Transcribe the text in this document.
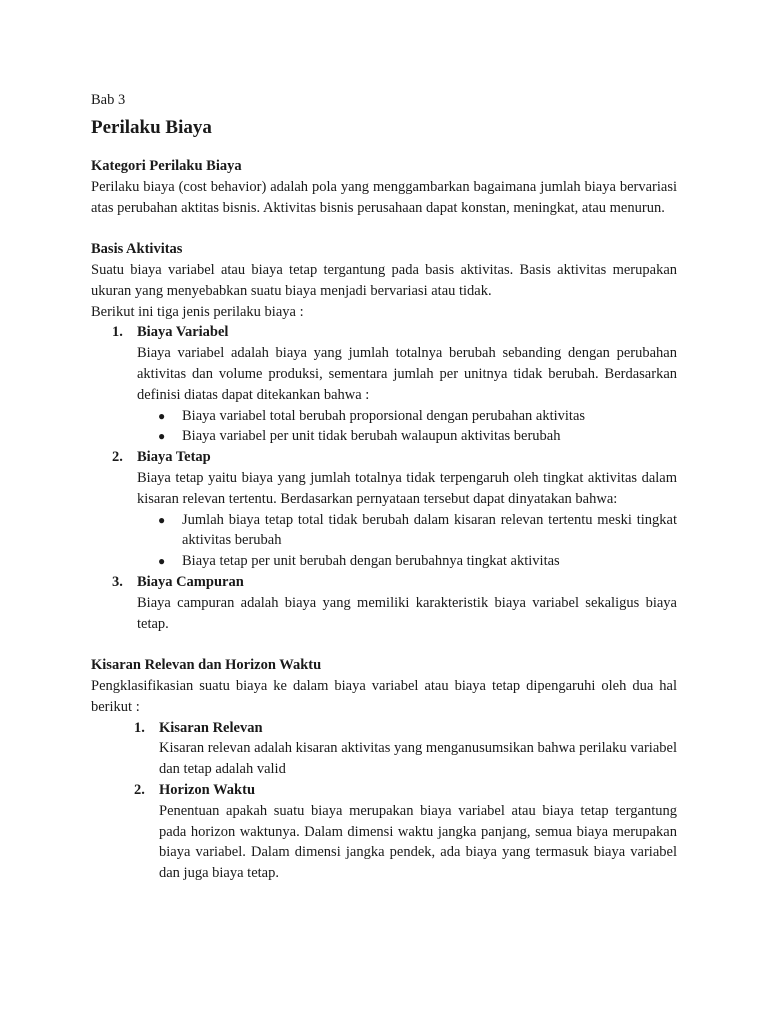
Bab 3

Perilaku Biaya

Kategori Perilaku Biaya

Perilaku biaya (cost behavior) adalah pola yang menggambarkan bagaimana jumlah biaya bervariasi atas perubahan aktitas bisnis. Aktivitas bisnis perusahaan dapat konstan, meningkat, atau menurun.

Basis Aktivitas

Suatu biaya variabel atau biaya tetap tergantung pada basis aktivitas. Basis aktivitas merupakan ukuran yang menyebabkan suatu biaya menjadi bervariasi atau tidak.

Berikut ini tiga jenis perilaku biaya :

1. Biaya Variabel

Biaya variabel adalah biaya yang jumlah totalnya berubah sebanding dengan perubahan aktivitas dan volume produksi, sementara jumlah per unitnya tidak berubah. Berdasarkan definisi diatas dapat ditekankan bahwa :

● Biaya variabel total berubah proporsional dengan perubahan aktivitas
● Biaya variabel per unit tidak berubah walaupun aktivitas berubah
2. Biaya Tetap

Biaya tetap yaitu biaya yang jumlah totalnya tidak terpengaruh oleh tingkat aktivitas dalam kisaran relevan tertentu. Berdasarkan pernyataan tersebut dapat dinyatakan bahwa:

● Jumlah biaya tetap total tidak berubah dalam kisaran relevan tertentu meski tingkat aktivitas berubah
● Biaya tetap per unit berubah dengan berubahnya tingkat aktivitas
3. Biaya Campuran

Biaya campuran adalah biaya yang memiliki karakteristik biaya variabel sekaligus biaya tetap.

Kisaran Relevan dan Horizon Waktu

Pengklasifikasian suatu biaya ke dalam biaya variabel atau biaya tetap dipengaruhi oleh dua hal berikut :

1. Kisaran Relevan

Kisaran relevan adalah kisaran aktivitas yang menganusumsikan bahwa perilaku variabel dan tetap adalah valid

2. Horizon Waktu

Penentuan apakah suatu biaya merupakan biaya variabel atau biaya tetap tergantung pada horizon waktunya. Dalam dimensi waktu jangka panjang, semua biaya merupakan biaya variabel. Dalam dimensi jangka pendek, ada biaya yang termasuk biaya variabel dan juga biaya tetap.
